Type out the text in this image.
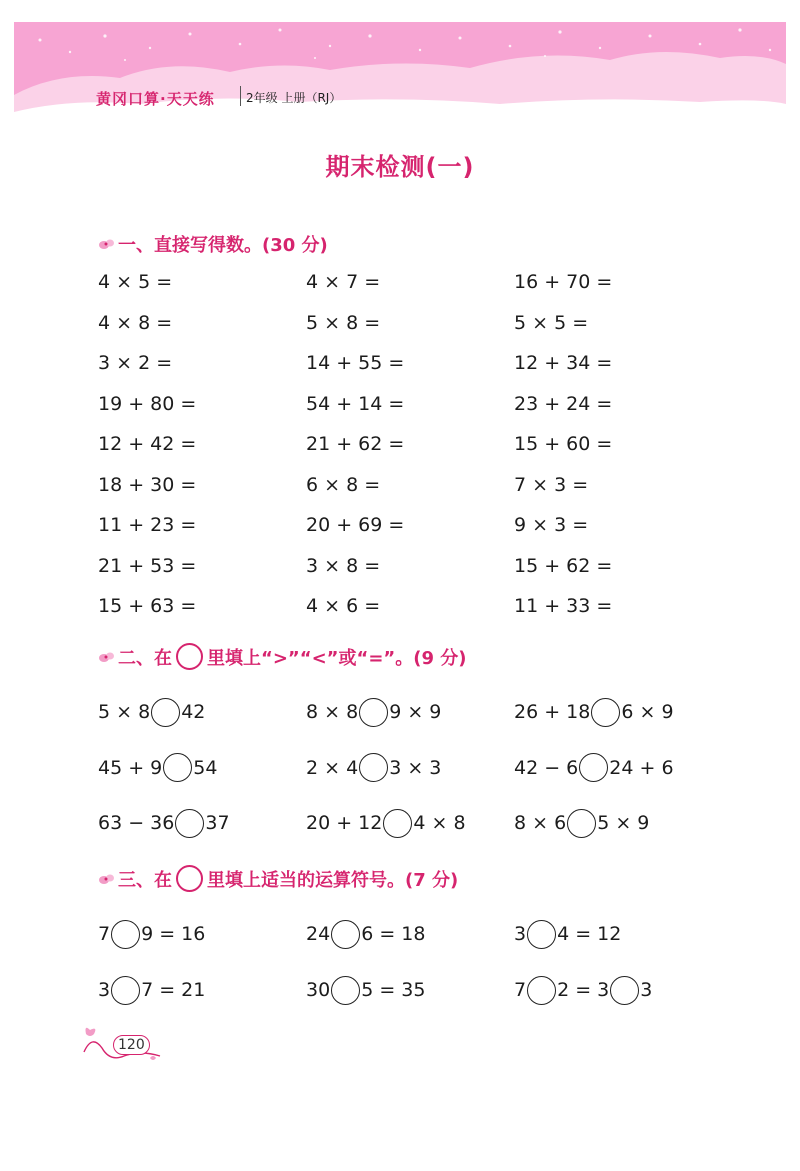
黄冈口算·天天练	2年级 上册（RJ）
期末检测(一)
一、直接写得数。(30 分)
4 × 5 =	4 × 7 =	16 + 70 =
4 × 8 =	5 × 8 =	5 × 5 =
3 × 2 =	14 + 55 =	12 + 34 =
19 + 80 =	54 + 14 =	23 + 24 =
12 + 42 =	21 + 62 =	15 + 60 =
18 + 30 =	6 × 8 =	7 × 3 =
11 + 23 =	20 + 69 =	9 × 3 =
21 + 53 =	3 × 8 =	15 + 62 =
15 + 63 =	4 × 6 =	11 + 33 =
二、在 里填上“>”“<”或“=”。(9 分)
5 × 8 42	8 × 8 9 × 9	26 + 18 6 × 9
45 + 9 54	2 × 4 3 × 3	42 − 6 24 + 6
63 − 36 37	20 + 12 4 × 8	8 × 6 5 × 9
三、在 里填上适当的运算符号。(7 分)
7 9 = 16	24 6 = 18	3 4 = 12
3 7 = 21	30 5 = 35	7 2 = 3 3
120
